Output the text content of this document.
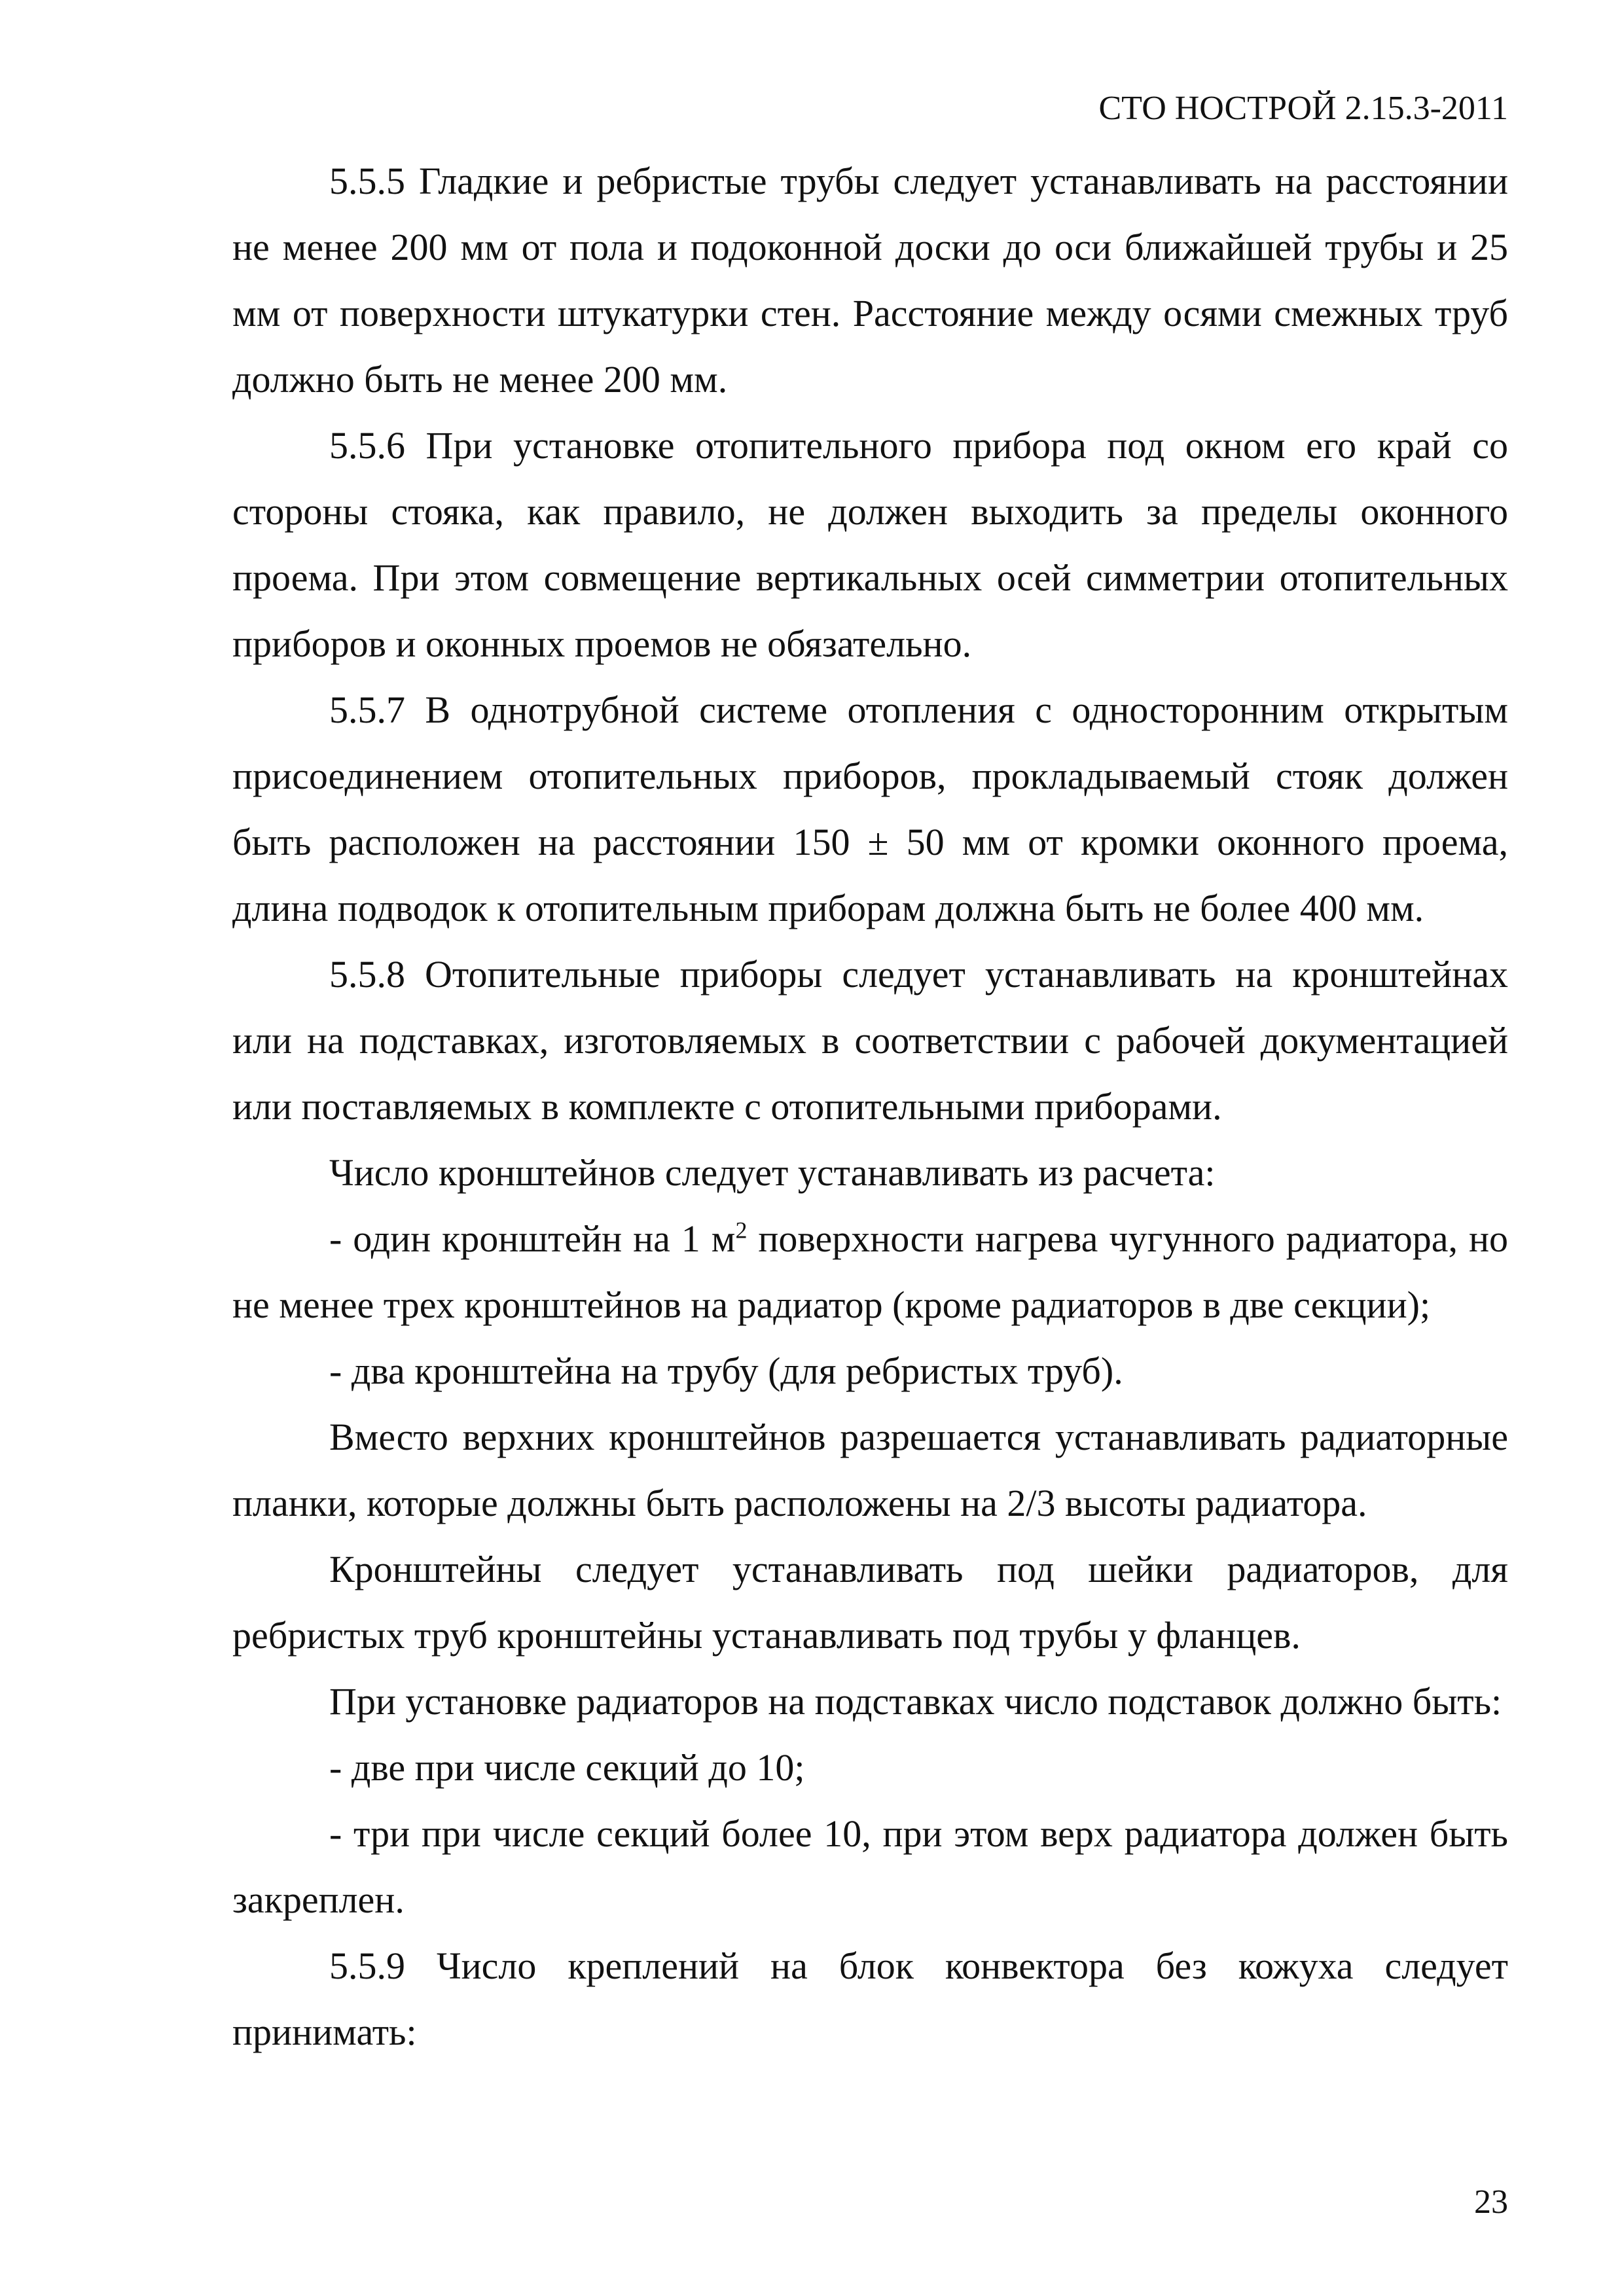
СТО НОСТРОЙ 2.15.3-2011

5.5.5 Гладкие и ребристые трубы следует устанавливать на расстоянии не менее 200 мм от пола и подоконной доски до оси ближайшей трубы и 25 мм от поверхности штукатурки стен. Расстояние между осями смежных труб должно быть не менее 200 мм.

5.5.6 При установке отопительного прибора под окном его край со стороны стояка, как правило, не должен выходить за пределы оконного проема. При этом совмещение вертикальных осей симметрии отопительных приборов и оконных проемов не обязательно.

5.5.7 В однотрубной системе отопления с односторонним открытым присоединением отопительных приборов, прокладываемый стояк должен быть расположен на расстоянии 150 ± 50 мм от кромки оконного проема, длина подводок к отопительным приборам должна быть не более 400 мм.

5.5.8 Отопительные приборы следует устанавливать на кронштейнах или на подставках, изготовляемых в соответствии с рабочей документацией или поставляемых в комплекте с отопительными приборами.

Число кронштейнов следует устанавливать из расчета:

- один кронштейн на 1 $м^2$ поверхности нагрева чугунного радиатора, но не менее трех кронштейнов на радиатор (кроме радиаторов в две секции);

- два кронштейна на трубу (для ребристых труб).

Вместо верхних кронштейнов разрешается устанавливать радиаторные планки, которые должны быть расположены на 2/3 высоты радиатора.

Кронштейны следует устанавливать под шейки радиаторов, для ребристых труб кронштейны устанавливать под трубы у фланцев.

При установке радиаторов на подставках число подставок должно быть:

- две при числе секций до 10;

- три при числе секций более 10, при этом верх радиатора должен быть закреплен.

5.5.9 Число креплений на блок конвектора без кожуха следует принимать:

23
